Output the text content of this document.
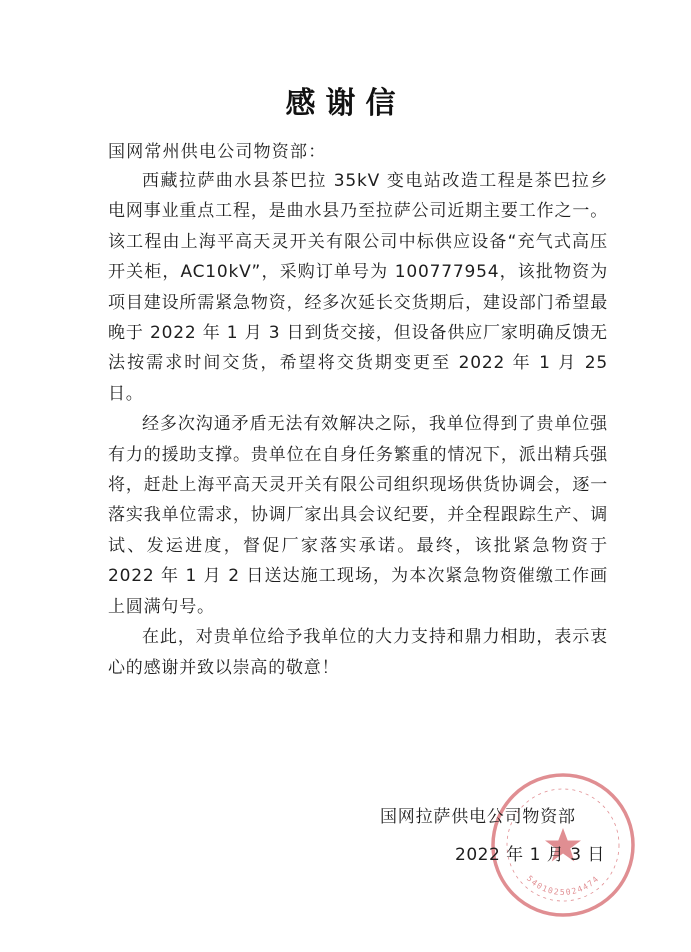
感谢信
国网常州供电公司物资部：

西藏拉萨曲水县茶巴拉 35kV 变电站改造工程是茶巴拉乡电网事业重点工程，是曲水县乃至拉萨公司近期主要工作之一。该工程由上海平高天灵开关有限公司中标供应设备“充气式高压开关柜，AC10kV”，采购订单号为 100777954，该批物资为项目建设所需紧急物资，经多次延长交货期后，建设部门希望最晚于 2022 年 1 月 3 日到货交接，但设备供应厂家明确反馈无法按需求时间交货，希望将交货期变更至 2022 年 1 月 25 日。

经多次沟通矛盾无法有效解决之际，我单位得到了贵单位强有力的援助支撑。贵单位在自身任务繁重的情况下，派出精兵强将，赶赴上海平高天灵开关有限公司组织现场供货协调会，逐一落实我单位需求，协调厂家出具会议纪要，并全程跟踪生产、调试、发运进度，督促厂家落实承诺。最终，该批紧急物资于 2022 年 1 月 2 日送达施工现场，为本次紧急物资催缴工作画上圆满句号。

在此，对贵单位给予我单位的大力支持和鼎力相助，表示衷心的感谢并致以崇高的敬意！

5401025024474
国网拉萨供电公司物资部
2022 年 1 月 3 日
